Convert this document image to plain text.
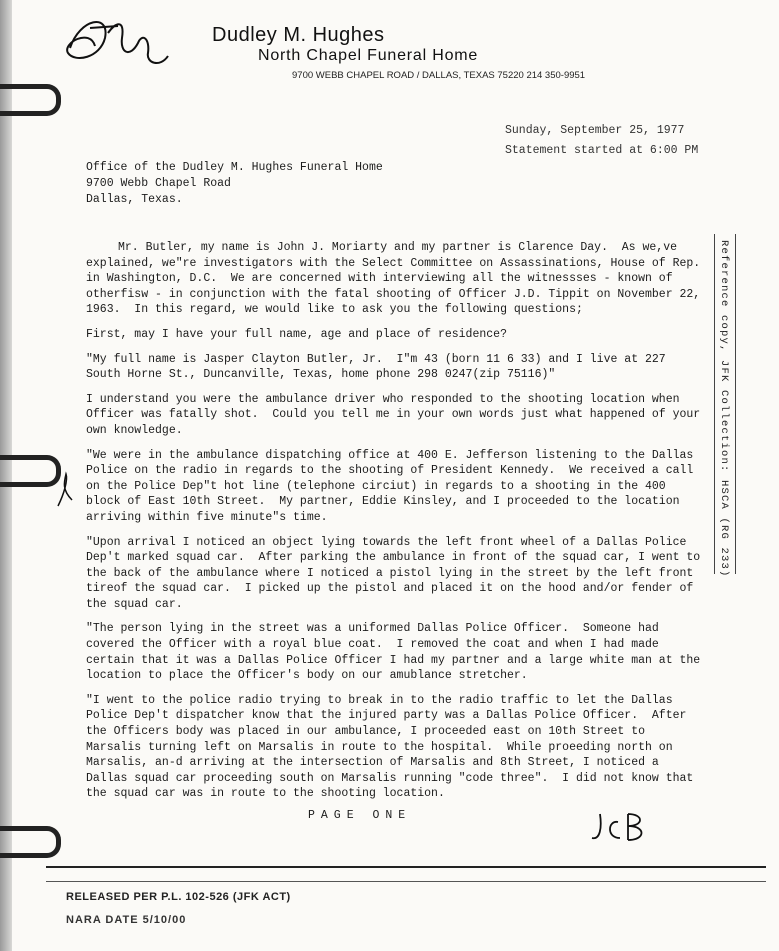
Dudley M. Hughes
North Chapel Funeral Home
9700 WEBB CHAPEL ROAD / DALLAS, TEXAS 75220 214 350-9951
Sunday, September 25, 1977
Statement started at 6:00 PM
Office of the Dudley M. Hughes Funeral Home
9700 Webb Chapel Road
Dallas, Texas.

Mr. Butler, my name is John J. Moriarty and my partner is Clarence Day.  As we,ve explained, we"re investigators with the Select Committee on Assassinations, House of Rep. in Washington, D.C.  We are concerned with interviewing all the witnessses - known of otherfisw - in conjunction with the fatal shooting of Officer J.D. Tippit on November 22, 1963.  In this regard, we would like to ask you the following questions;

First, may I have your full name, age and place of residence?

"My full name is Jasper Clayton Butler, Jr.  I"m 43 (born 11 6 33) and I live at 227 South Horne St., Duncanville, Texas, home phone 298 0247(zip 75116)"

I understand you were the ambulance driver who responded to the shooting location when Officer was fatally shot.  Could you tell me in your own words just what happened of your own knowledge.

"We were in the ambulance dispatching office at 400 E. Jefferson listening to the Dallas Police on the radio in regards to the shooting of President Kennedy.  We received a call on the Police Dep"t hot line (telephone circiut) in regards to a shooting in the 400 block of East 10th Street.  My partner, Eddie Kinsley, and I proceeded to the location arriving within five minute"s time.

"Upon arrival I noticed an object lying towards the left front wheel of a Dallas Police Dep't marked squad car.  After parking the ambulance in front of the squad car, I went to the back of the ambulance where I noticed a pistol lying in the street by the left front tireof the squad car.  I picked up the pistol and placed it on the hood and/or fender of the squad car.

"The person lying in the street was a uniformed Dallas Police Officer.  Someone had covered the Officer with a royal blue coat.  I removed the coat and when I had made certain that it was a Dallas Police Officer I had my partner and a large white man at the location to place the Officer's body on our amublance stretcher.

"I went to the police radio trying to break in to the radio traffic to let the Dallas Police Dep't dispatcher know that the injured party was a Dallas Police Officer.  After the Officers body was placed in our ambulance, I proceeded east on 10th Street to Marsalis turning left on Marsalis in route to the hospital.  While proeeding north on Marsalis, an-d arriving at the intersection of Marsalis and 8th Street, I noticed a Dallas squad car proceeding south on Marsalis running "code three".  I did not know that the squad car was in route to the shooting location.

Reference copy, JFK Collection: HSCA (RG 233)
PAGE ONE
RELEASED PER P.L. 102-526 (JFK ACT)
NARA DATE 5/10/00
